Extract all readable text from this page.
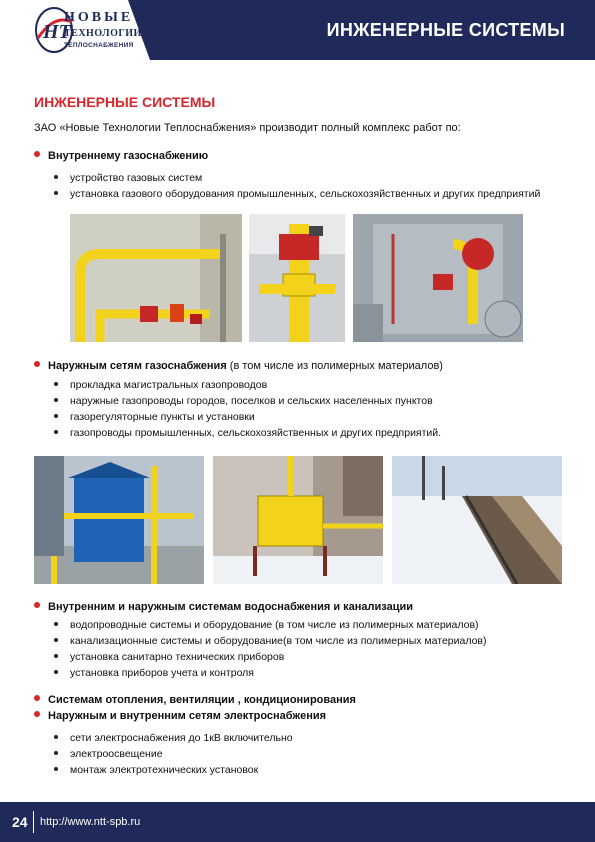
НТ
НОВЫЕ
ТЕХНОЛОГИИ
ТЕПЛОСНАБЖЕНИЯ
ИНЖЕНЕРНЫЕ СИСТЕМЫ
ИНЖЕНЕРНЫЕ СИСТЕМЫ
ЗАО «Новые Технологии Теплоснабжения» производит полный комплекс работ по:
Внутреннему газоснабжению
устройство газовых систем
установка газового оборудования промышленных, сельскохозяйственных и других предприятий
Наружным сетям газоснабжения (в том числе из полимерных материалов)
прокладка магистральных газопроводов
наружные газопроводы городов, поселков и сельских населенных пунктов
газорегуляторные пункты и установки
газопроводы промышленных, сельскохозяйственных и других предприятий.
Внутренним и наружным системам водоснабжения и канализации
водопроводные системы и оборудование (в том числе из полимерных материалов)
канализационные системы и оборудование(в том числе из полимерных материалов)
установка санитарно технических приборов
установка приборов учета и контроля
Системам отопления, вентиляции , кондиционирования
Наружным и внутренним сетям электроснабжения
сети электроснабжения до 1кВ включительно
электроосвещение
монтаж электротехнических установок
24 http://www.ntt-spb.ru
